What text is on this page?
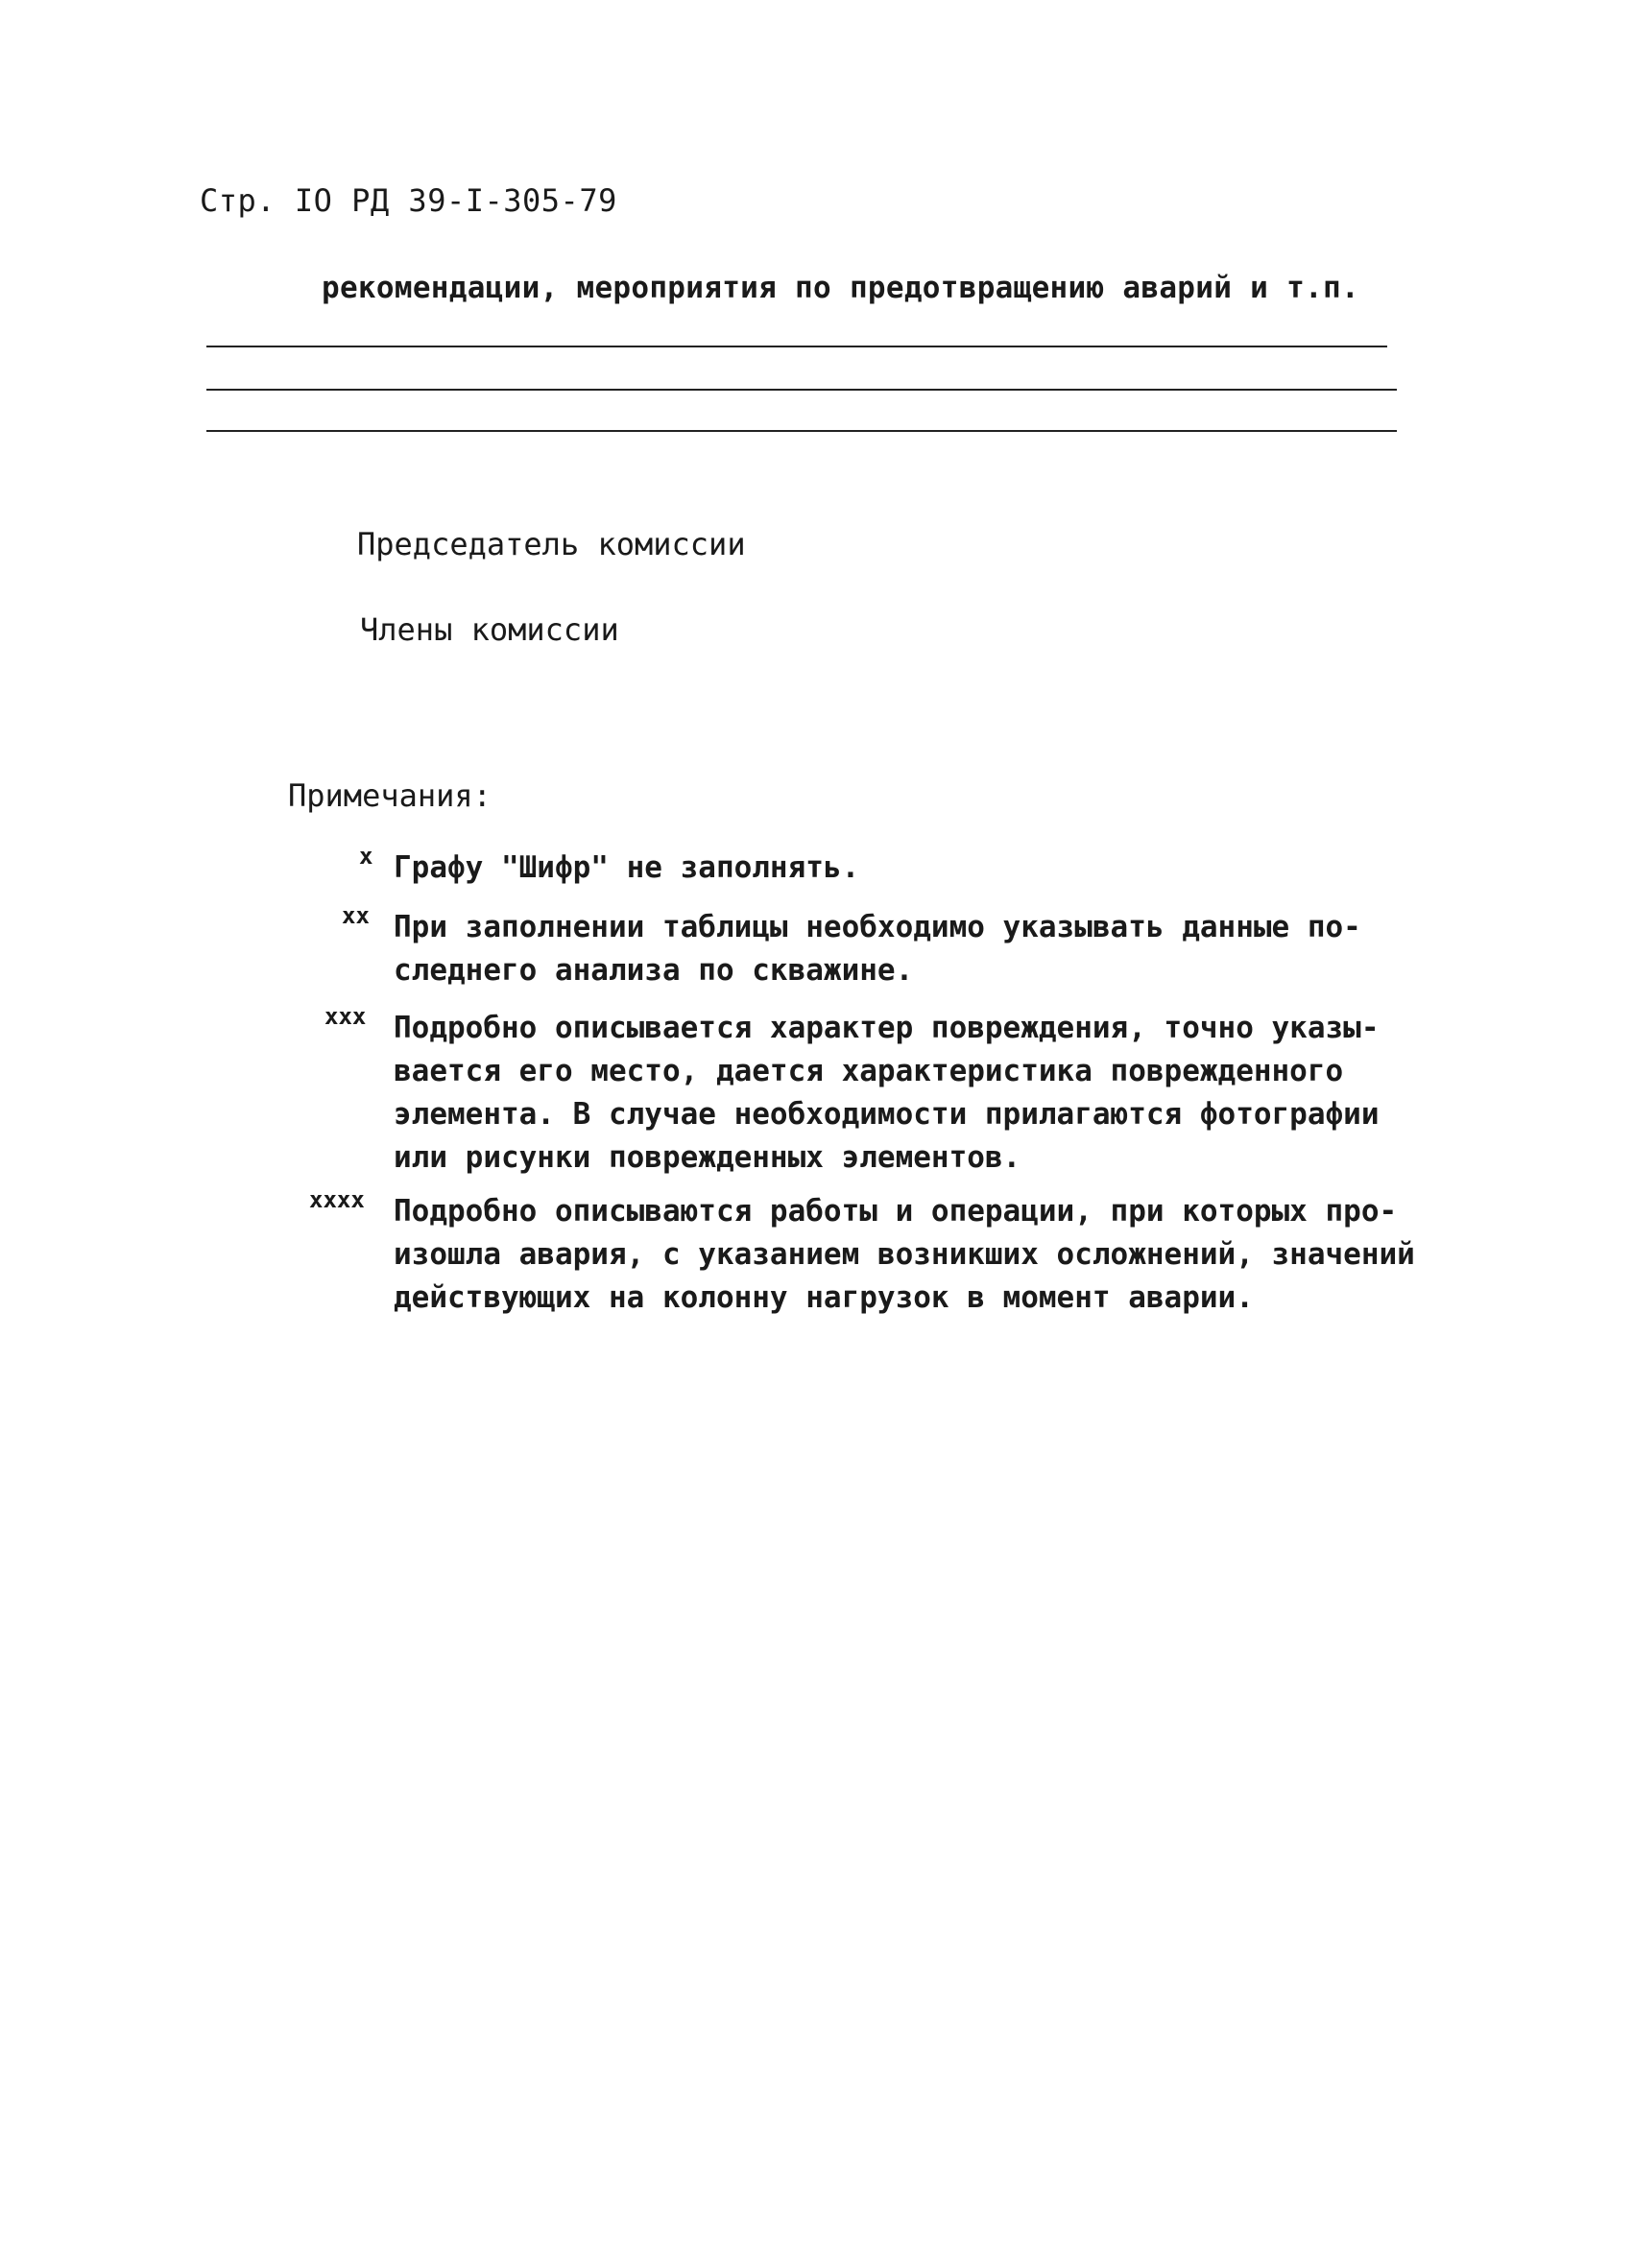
Стр. IO РД 39-I-305-79
рекомендации, мероприятия по предотвращению аварий и т.п.
Председатель комиссии
Члены комиссии
Примечания:
x Графу "Шифр" не заполнять.
xx При заполнении таблицы необходимо указывать данные по-
следнего анализа по скважине.
xxx Подробно описывается характер повреждения, точно указы-
вается его место, дается характеристика поврежденного
элемента. В случае необходимости прилагаются фотографии
или рисунки поврежденных элементов.
xxxx Подробно описываются работы и операции, при которых про-
изошла авария, с указанием возникших осложнений, значений
действующих на колонну нагрузок в момент аварии.
